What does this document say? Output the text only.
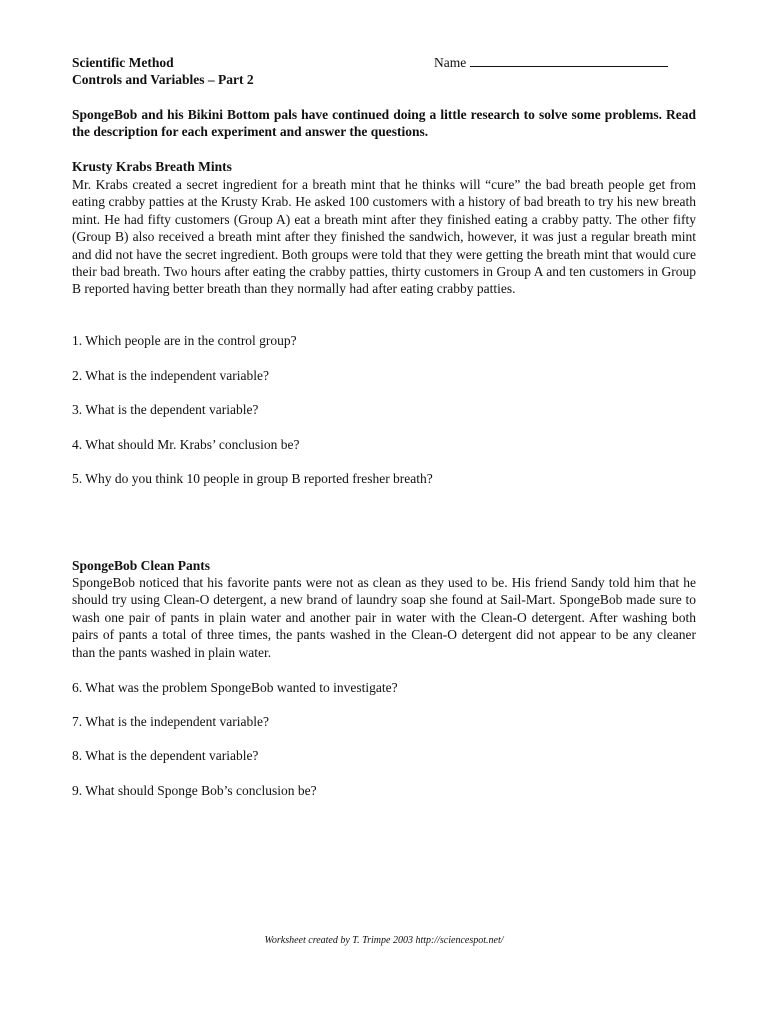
Scientific Method
Controls and Variables – Part 2
Name
SpongeBob and his Bikini Bottom pals have continued doing a little research to solve some problems. Read the description for each experiment and answer the questions.
Krusty Krabs Breath Mints
Mr. Krabs created a secret ingredient for a breath mint that he thinks will “cure” the bad breath people get from eating crabby patties at the Krusty Krab. He asked 100 customers with a history of bad breath to try his new breath mint. He had fifty customers (Group A) eat a breath mint after they finished eating a crabby patty. The other fifty (Group B) also received a breath mint after they finished the sandwich, however, it was just a regular breath mint and did not have the secret ingredient. Both groups were told that they were getting the breath mint that would cure their bad breath. Two hours after eating the crabby patties, thirty customers in Group A and ten customers in Group B reported having better breath than they normally had after eating crabby patties.
1. Which people are in the control group?
2. What is the independent variable?
3. What is the dependent variable?
4. What should Mr. Krabs’ conclusion be?
5. Why do you think 10 people in group B reported fresher breath?
SpongeBob Clean Pants
SpongeBob noticed that his favorite pants were not as clean as they used to be. His friend Sandy told him that he should try using Clean-O detergent, a new brand of laundry soap she found at Sail-Mart. SpongeBob made sure to wash one pair of pants in plain water and another pair in water with the Clean-O detergent. After washing both pairs of pants a total of three times, the pants washed in the Clean-O detergent did not appear to be any cleaner than the pants washed in plain water.
6. What was the problem SpongeBob wanted to investigate?
7. What is the independent variable?
8. What is the dependent variable?
9. What should Sponge Bob’s conclusion be?
Worksheet created by T. Trimpe 2003 http://sciencespot.net/
